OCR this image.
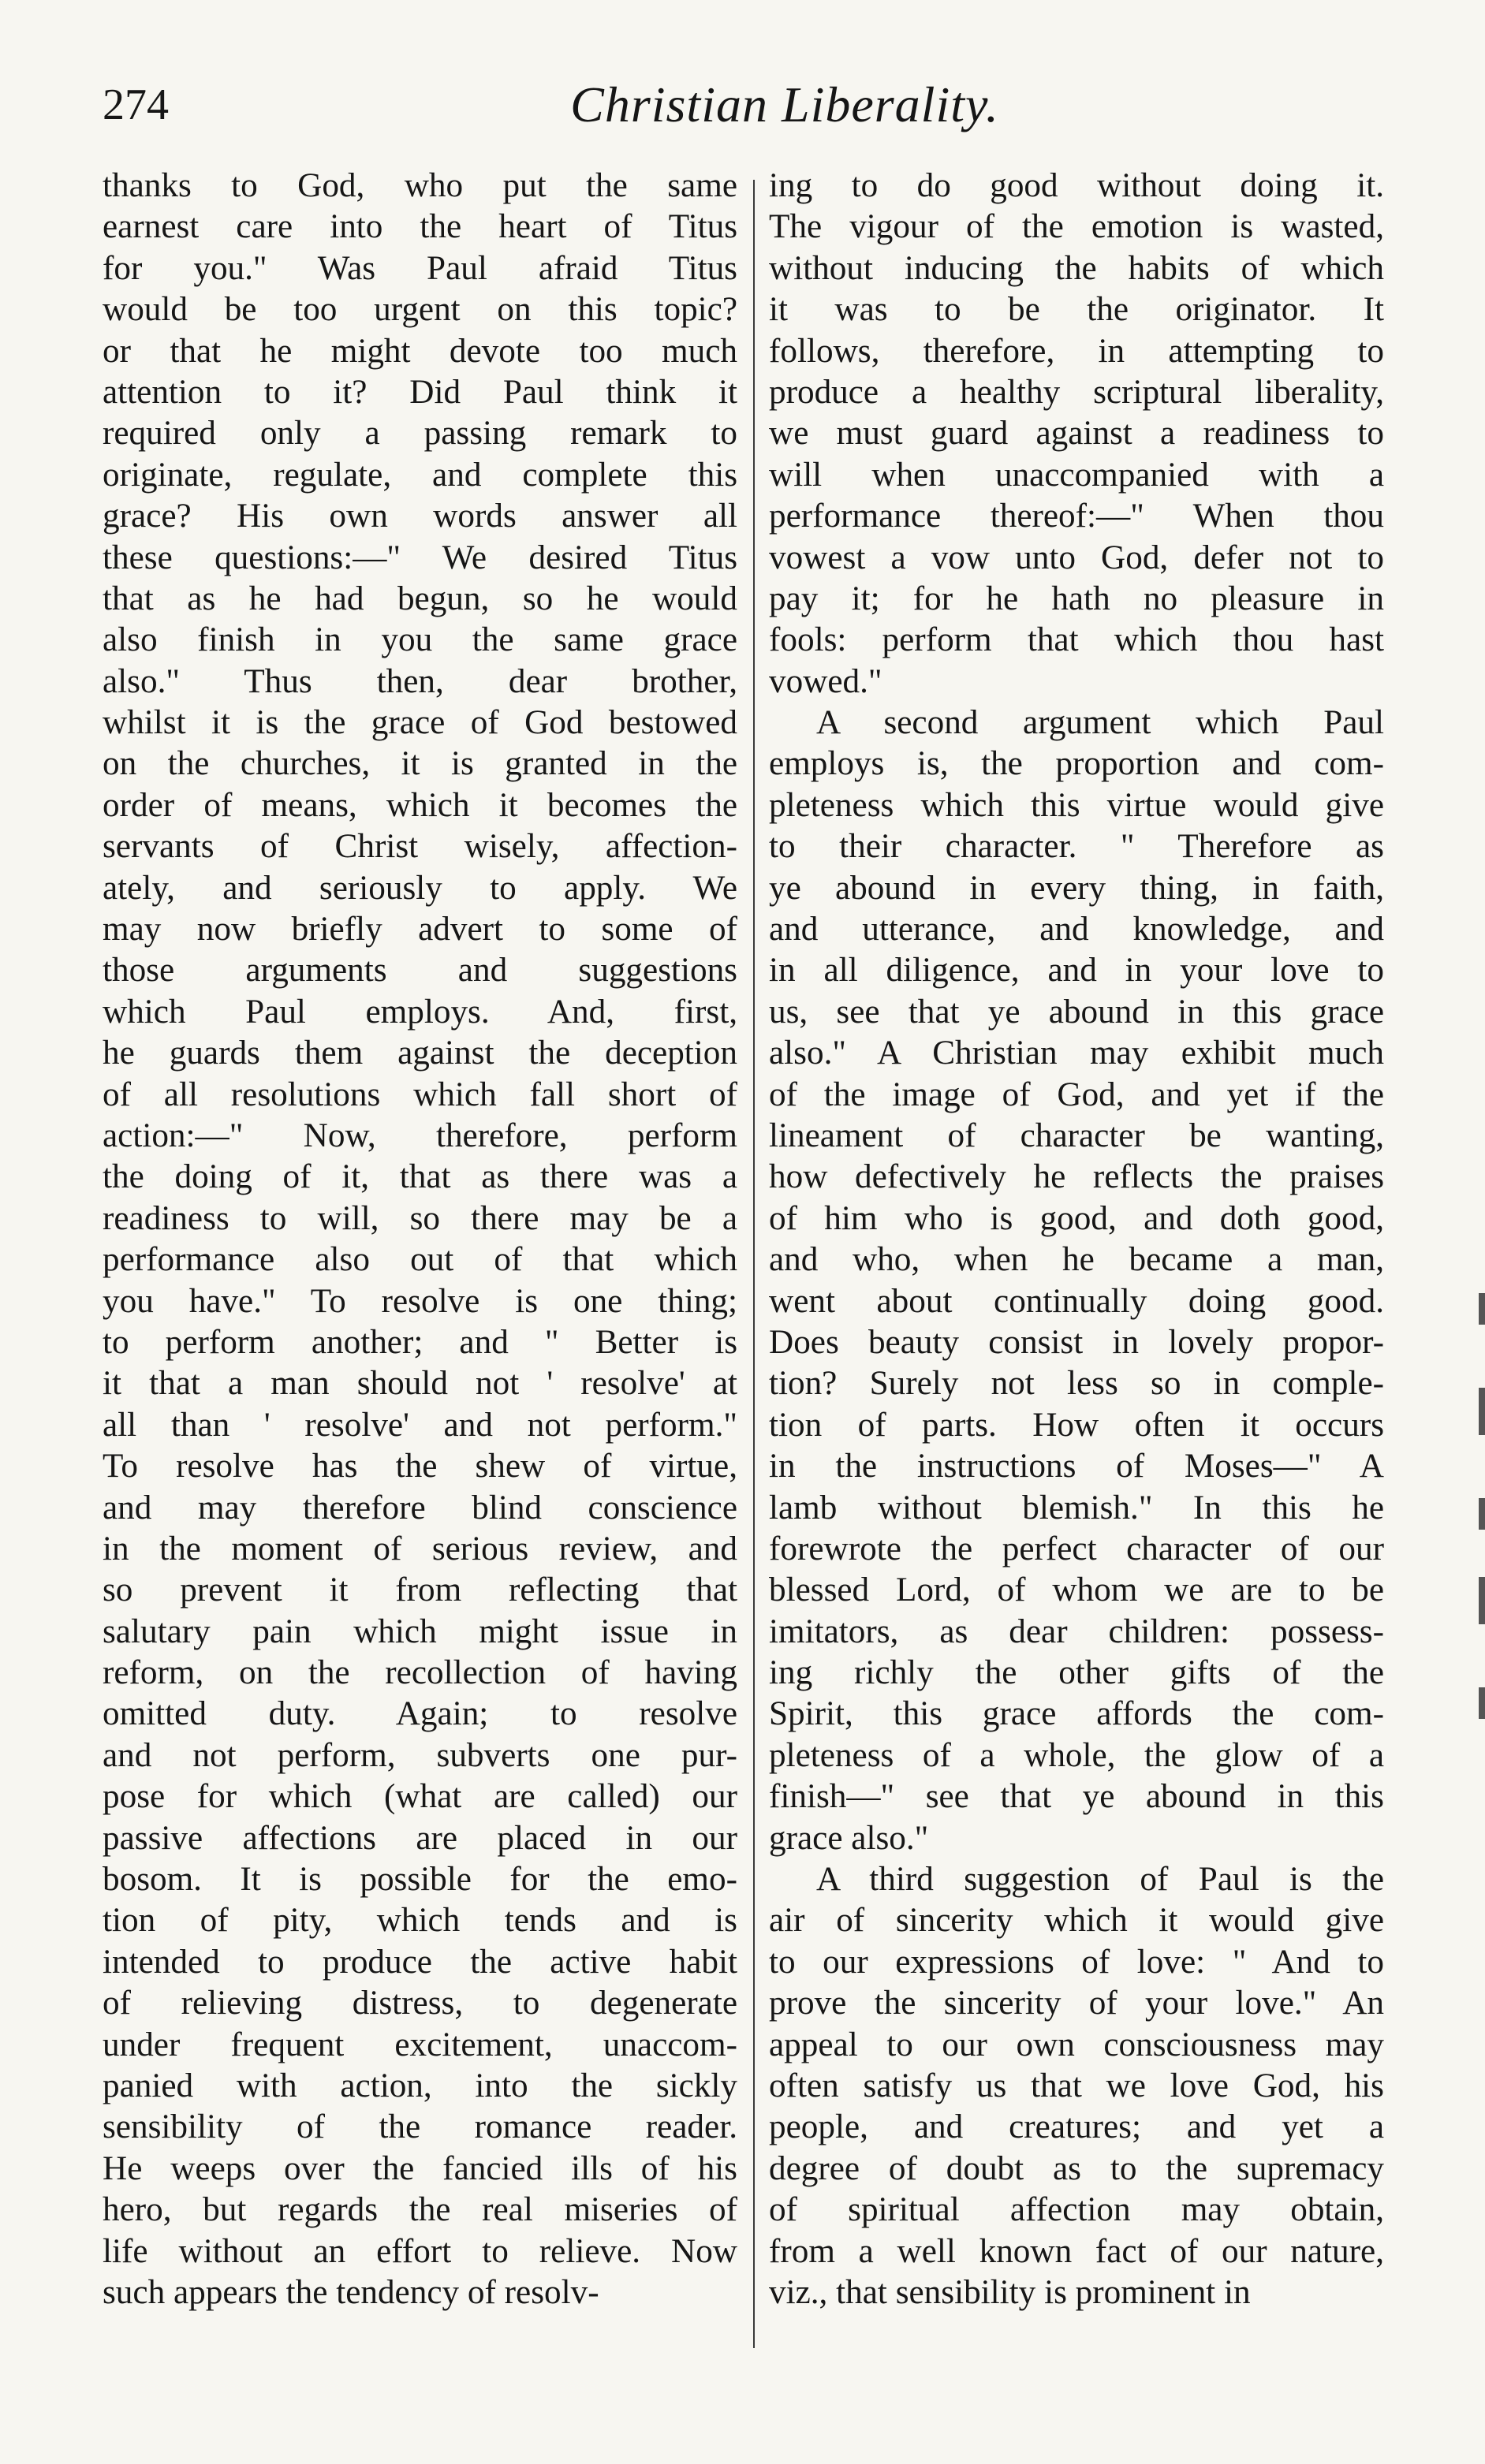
274	Christian Liberality.
thanks to God, who put the same
earnest care into the heart of Titus
for you." Was Paul afraid Titus
would be too urgent on this topic?
or that he might devote too much
attention to it? Did Paul think it
required only a passing remark to
originate, regulate, and complete this
grace? His own words answer all
these questions:—" We desired Titus
that as he had begun, so he would
also finish in you the same grace
also." Thus then, dear brother,
whilst it is the grace of God bestowed
on the churches, it is granted in the
order of means, which it becomes the
servants of Christ wisely, affection-
ately, and seriously to apply. We
may now briefly advert to some of
those arguments and suggestions
which Paul employs. And, first,
he guards them against the deception
of all resolutions which fall short of
action:—" Now, therefore, perform
the doing of it, that as there was a
readiness to will, so there may be a
performance also out of that which
you have." To resolve is one thing;
to perform another; and " Better is
it that a man should not ' resolve' at
all than ' resolve' and not perform."
To resolve has the shew of virtue,
and may therefore blind conscience
in the moment of serious review, and
so prevent it from reflecting that
salutary pain which might issue in
reform, on the recollection of having
omitted duty. Again; to resolve
and not perform, subverts one pur-
pose for which (what are called) our
passive affections are placed in our
bosom. It is possible for the emo-
tion of pity, which tends and is
intended to produce the active habit
of relieving distress, to degenerate
under frequent excitement, unaccom-
panied with action, into the sickly
sensibility of the romance reader.
He weeps over the fancied ills of his
hero, but regards the real miseries of
life without an effort to relieve. Now
such appears the tendency of resolv-
ing to do good without doing it.
The vigour of the emotion is wasted,
without inducing the habits of which
it was to be the originator. It
follows, therefore, in attempting to
produce a healthy scriptural liberality,
we must guard against a readiness to
will when unaccompanied with a
performance thereof:—" When thou
vowest a vow unto God, defer not to
pay it; for he hath no pleasure in
fools: perform that which thou hast
vowed."
A second argument which Paul
employs is, the proportion and com-
pleteness which this virtue would give
to their character. " Therefore as
ye abound in every thing, in faith,
and utterance, and knowledge, and
in all diligence, and in your love to
us, see that ye abound in this grace
also." A Christian may exhibit much
of the image of God, and yet if the
lineament of character be wanting,
how defectively he reflects the praises
of him who is good, and doth good,
and who, when he became a man,
went about continually doing good.
Does beauty consist in lovely propor-
tion? Surely not less so in comple-
tion of parts. How often it occurs
in the instructions of Moses—" A
lamb without blemish." In this he
forewrote the perfect character of our
blessed Lord, of whom we are to be
imitators, as dear children: possess-
ing richly the other gifts of the
Spirit, this grace affords the com-
pleteness of a whole, the glow of a
finish—" see that ye abound in this
grace also."
A third suggestion of Paul is the
air of sincerity which it would give
to our expressions of love: " And to
prove the sincerity of your love." An
appeal to our own consciousness may
often satisfy us that we love God, his
people, and creatures; and yet a
degree of doubt as to the supremacy
of spiritual affection may obtain,
from a well known fact of our nature,
viz., that sensibility is prominent in
